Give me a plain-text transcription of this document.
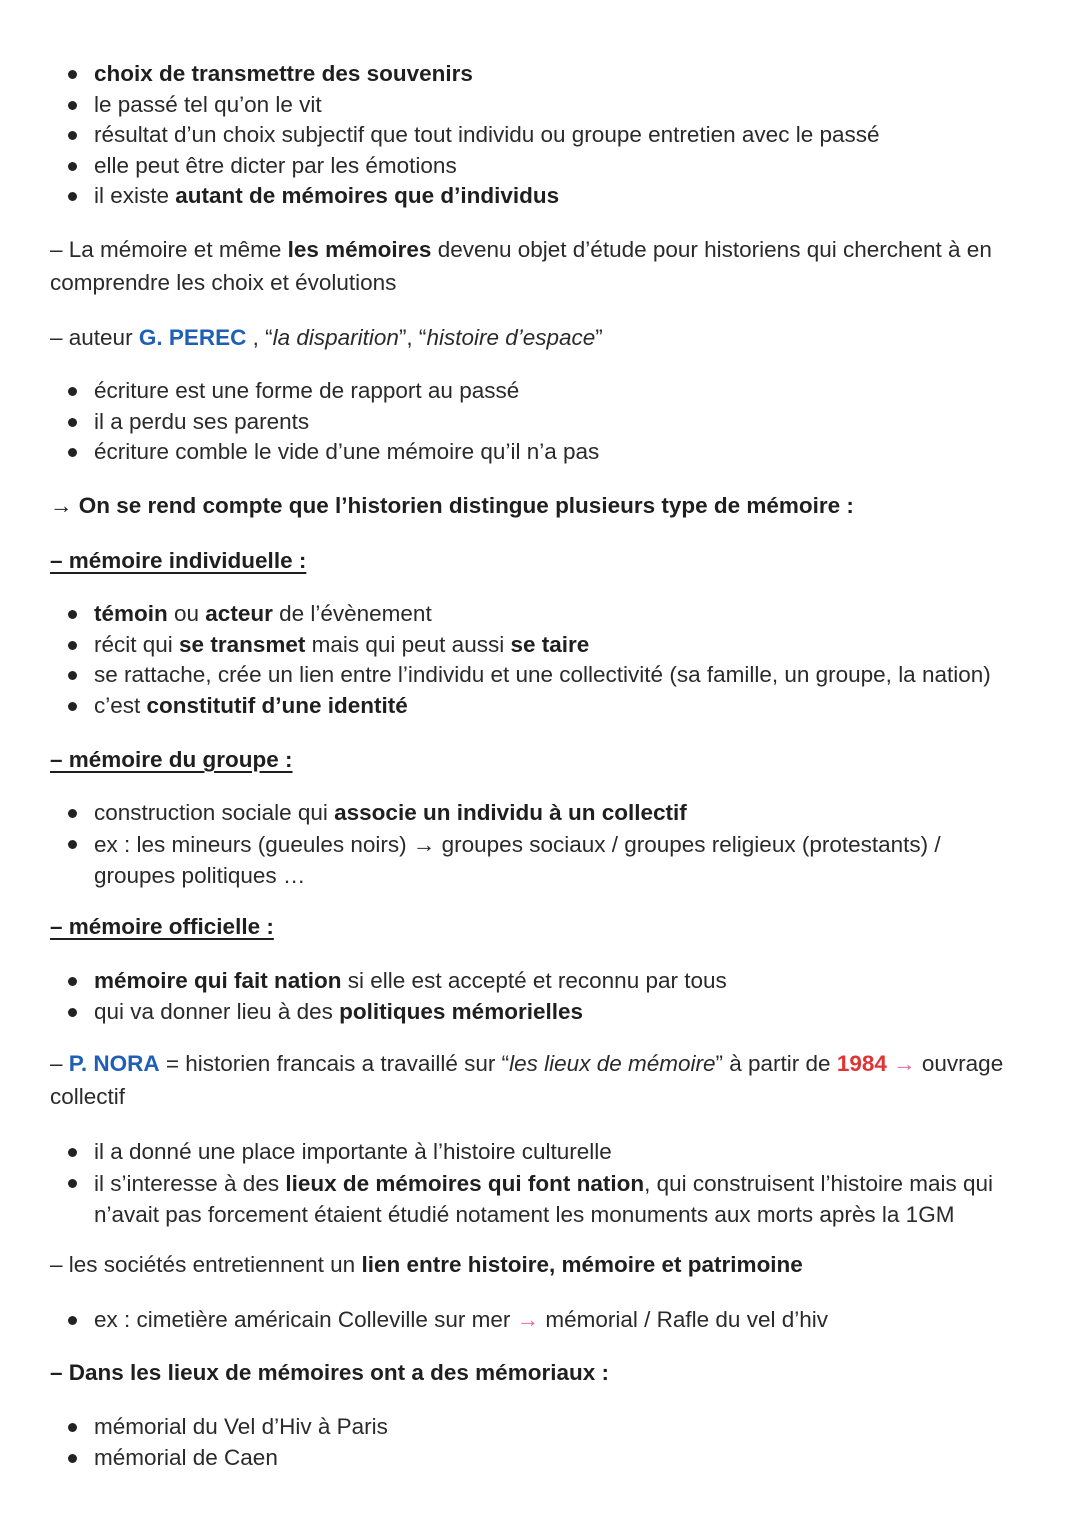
choix de transmettre des souvenirs
le passé tel qu’on le vit
résultat d’un choix subjectif que tout individu ou groupe entretien avec le passé
elle peut être dicter par les émotions
il existe autant de mémoires que d’individus

– La mémoire et même les mémoires devenu objet d’étude pour historiens qui cherchent à en comprendre les choix et évolutions

– auteur G. PEREC , “la disparition”, “histoire d’espace”

écriture est une forme de rapport au passé
il a perdu ses parents
écriture comble le vide d’une mémoire qu’il n’a pas

→ On se rend compte que l’historien distingue plusieurs type de mémoire :

– mémoire individuelle :

témoin ou acteur de l’évènement
récit qui se transmet mais qui peut aussi se taire
se rattache, crée un lien entre l’individu et une collectivité (sa famille, un groupe, la nation)
c’est constitutif d’une identité

– mémoire du groupe :

construction sociale qui associe un individu à un collectif
ex : les mineurs (gueules noirs) → groupes sociaux / groupes religieux (protestants) / groupes politiques …

– mémoire officielle :

mémoire qui fait nation si elle est accepté et reconnu par tous
qui va donner lieu à des politiques mémorielles

– P. NORA = historien francais a travaillé sur “les lieux de mémoire” à partir de 1984 → ouvrage collectif

il a donné une place importante à l’histoire culturelle
il s’interesse à des lieux de mémoires qui font nation, qui construisent l’histoire mais qui n’avait pas forcement étaient étudié notament les monuments aux morts après la 1GM

– les sociétés entretiennent un lien entre histoire, mémoire et patrimoine

ex : cimetière américain Colleville sur mer → mémorial / Rafle du vel d’hiv

– Dans les lieux de mémoires ont a des mémoriaux :

mémorial du Vel d’Hiv à Paris
mémorial de Caen
